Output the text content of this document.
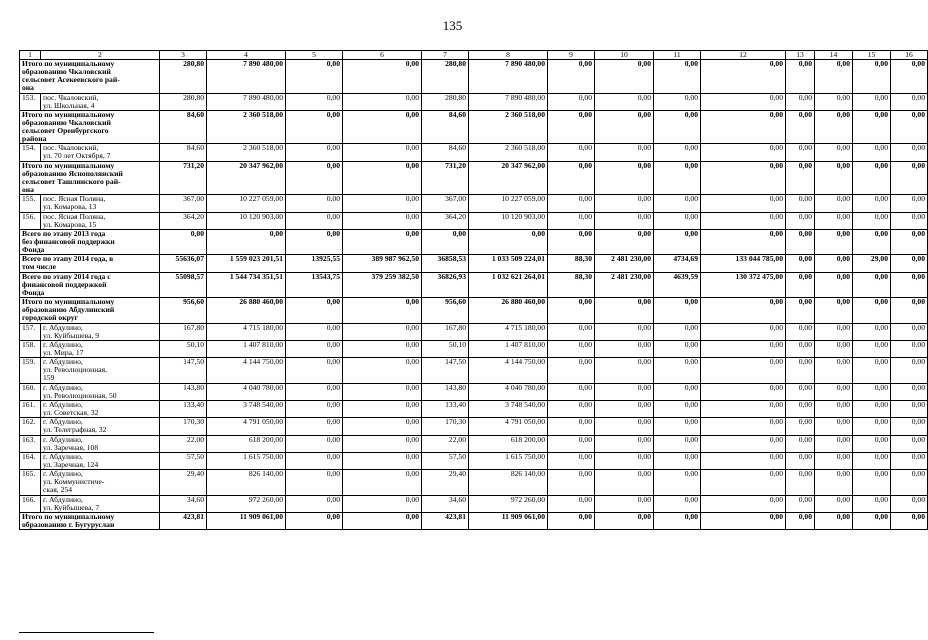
135
1	2	3	4	5	6	7	8	9	10	11	12	13	14	15	16

Итого по муниципальному
образованию Чкаловский
сельсовет Асекеевского рай-
она		280,80	7 890 480,00	0,00	0,00	280,80	7 890 480,00	0,00	0,00	0,00	0,00	0,00	0,00	0,00	0,00
153.	пос. Чкаловский,
ул. Школьная, 4	280,80	7 890 480,00	0,00	0,00	280,80	7 890 480,00	0,00	0,00	0,00	0,00	0,00	0,00	0,00	0,00

Итого по муниципальному
образованию Чкаловский
сельсовет Оренбургского
района		84,60	2 360 518,00	0,00	0,00	84,60	2 360 518,00	0,00	0,00	0,00	0,00	0,00	0,00	0,00	0,00
154.	пос. Чкаловский,
ул. 70 лет Октября, 7	84,60	2 360 518,00	0,00	0,00	84,60	2 360 518,00	0,00	0,00	0,00	0,00	0,00	0,00	0,00	0,00

Итого по муниципальному
образованию Яснополянский
сельсовет Ташлинского рай-
она		731,20	20 347 962,00	0,00	0,00	731,20	20 347 962,00	0,00	0,00	0,00	0,00	0,00	0,00	0,00	0,00
155.	пос. Ясная Поляна,
ул. Комарова, 13	367,00	10 227 059,00	0,00	0,00	367,00	10 227 059,00	0,00	0,00	0,00	0,00	0,00	0,00	0,00	0,00
156.	пос. Ясная Поляна,
ул. Комарова, 15	364,20	10 120 903,00	0,00	0,00	364,20	10 120 903,00	0,00	0,00	0,00	0,00	0,00	0,00	0,00	0,00

Всего по этапу 2013 года
без финансовой поддержки
Фонда		0,00	0,00	0,00	0,00	0,00	0,00	0,00	0,00	0,00	0,00	0,00	0,00	0,00	0,00

Всего по этапу 2014 года, в
том числе		55636,07	1 559 023 201,51	13925,55	389 987 962,50	36858,53	1 033 509 224,01	88,30	2 481 230,00	4734,69	133 044 785,00	0,00	0,00	29,00	0,00

Всего по этапу 2014 года с
финансовой поддержкой
Фонда		55098,57	1 544 734 351,51	13543,75	379 259 382,50	36826,93	1 032 621 264,01	88,30	2 481 230,00	4639,59	130 372 475,00	0,00	0,00	0,00	0,00

Итого по муниципальному
образованию Абдулинский
городской округ		956,60	26 880 460,00	0,00	0,00	956,60	26 880 460,00	0,00	0,00	0,00	0,00	0,00	0,00	0,00	0,00
157.	г. Абдулино,
ул. Куйбышева, 9	167,80	4 715 180,00	0,00	0,00	167,80	4 715 180,00	0,00	0,00	0,00	0,00	0,00	0,00	0,00	0,00
158.	г. Абдулино,
ул. Мира, 17	50,10	1 407 810,00	0,00	0,00	50,10	1 407 810,00	0,00	0,00	0,00	0,00	0,00	0,00	0,00	0,00
159.	г. Абдулино,
ул. Революционная,
159	147,50	4 144 750,00	0,00	0,00	147,50	4 144 750,00	0,00	0,00	0,00	0,00	0,00	0,00	0,00	0,00
160.	г. Абдулино,
ул. Революционная, 50	143,80	4 040 780,00	0,00	0,00	143,80	4 040 780,00	0,00	0,00	0,00	0,00	0,00	0,00	0,00	0,00
161.	г. Абдулино,
ул. Советская, 32	133,40	3 748 540,00	0,00	0,00	133,40	3 748 540,00	0,00	0,00	0,00	0,00	0,00	0,00	0,00	0,00
162.	г. Абдулино,
ул. Телеграфная, 32	170,30	4 791 050,00	0,00	0,00	170,30	4 791 050,00	0,00	0,00	0,00	0,00	0,00	0,00	0,00	0,00
163.	г. Абдулино,
ул. Заречная, 108	22,00	618 200,00	0,00	0,00	22,00	618 200,00	0,00	0,00	0,00	0,00	0,00	0,00	0,00	0,00
164.	г. Абдулино,
ул. Заречная, 124	57,50	1 615 750,00	0,00	0,00	57,50	1 615 750,00	0,00	0,00	0,00	0,00	0,00	0,00	0,00	0,00
165.	г. Абдулино,
ул. Коммунистиче-
ская, 254	29,40	826 140,00	0,00	0,00	29,40	826 140,00	0,00	0,00	0,00	0,00	0,00	0,00	0,00	0,00
166.	г. Абдулино,
ул. Куйбышева, 7	34,60	972 260,00	0,00	0,00	34,60	972 260,00	0,00	0,00	0,00	0,00	0,00	0,00	0,00	0,00

Итого по муниципальному
образованию г. Бугуруслан		423,81	11 909 061,00	0,00	0,00	423,81	11 909 061,00	0,00	0,00	0,00	0,00	0,00	0,00	0,00	0,00
